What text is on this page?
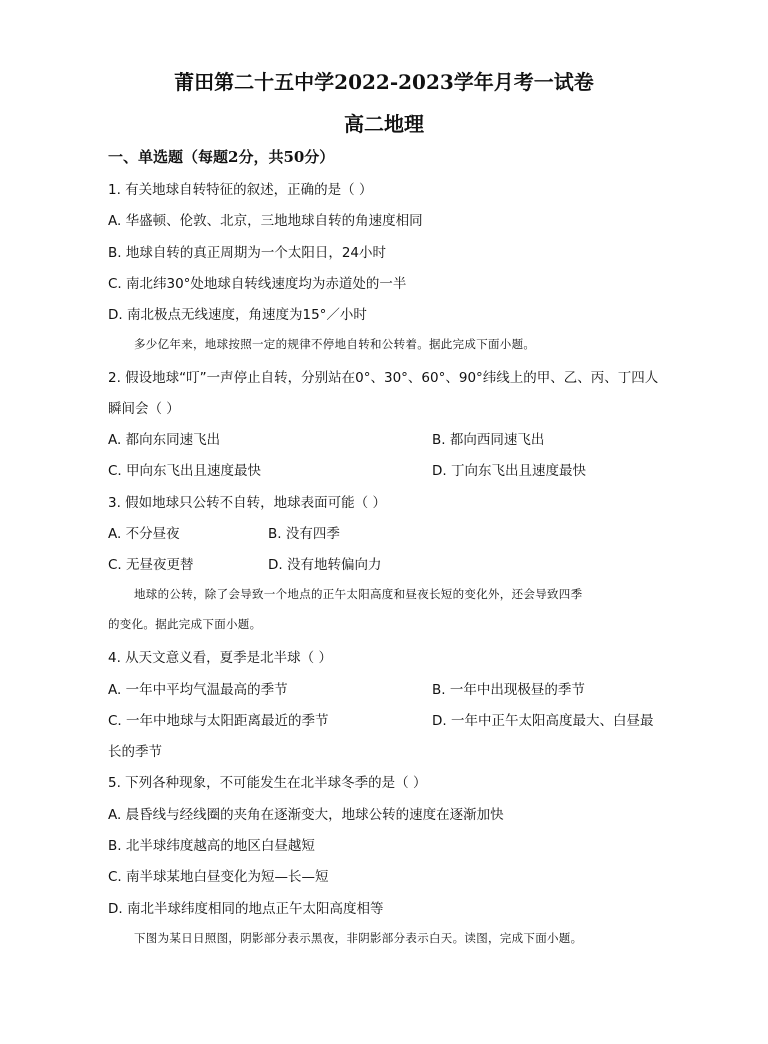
莆田第二十五中学2022-2023学年月考一试卷
高二地理
一、单选题（每题2分，共50分）
1. 有关地球自转特征的叙述，正确的是（ ）
A. 华盛顿、伦敦、北京，三地地球自转的角速度相同
B. 地球自转的真正周期为一个太阳日，24小时
C. 南北纬30°处地球自转线速度均为赤道处的一半
D. 南北极点无线速度，角速度为15°／小时
多少亿年来，地球按照一定的规律不停地自转和公转着。据此完成下面小题。
2. 假设地球“叮”一声停止自转，分别站在0°、30°、60°、90°纬线上的甲、乙、丙、丁四人
瞬间会（ ）
A. 都向东同速飞出	B. 都向西同速飞出
C. 甲向东飞出且速度最快	D. 丁向东飞出且速度最快
3. 假如地球只公转不自转，地球表面可能（ ）
A. 不分昼夜	B. 没有四季
C. 无昼夜更替	D. 没有地转偏向力
地球的公转，除了会导致一个地点的正午太阳高度和昼夜长短的变化外，还会导致四季
的变化。据此完成下面小题。
4. 从天文意义看，夏季是北半球（ ）
A. 一年中平均气温最高的季节	B. 一年中出现极昼的季节
C. 一年中地球与太阳距离最近的季节	D. 一年中正午太阳高度最大、白昼最
长的季节
5. 下列各种现象，不可能发生在北半球冬季的是（ ）
A. 晨昏线与经线圈的夹角在逐渐变大，地球公转的速度在逐渐加快
B. 北半球纬度越高的地区白昼越短
C. 南半球某地白昼变化为短—长—短
D. 南北半球纬度相同的地点正午太阳高度相等
下图为某日日照图，阴影部分表示黑夜，非阴影部分表示白天。读图，完成下面小题。
